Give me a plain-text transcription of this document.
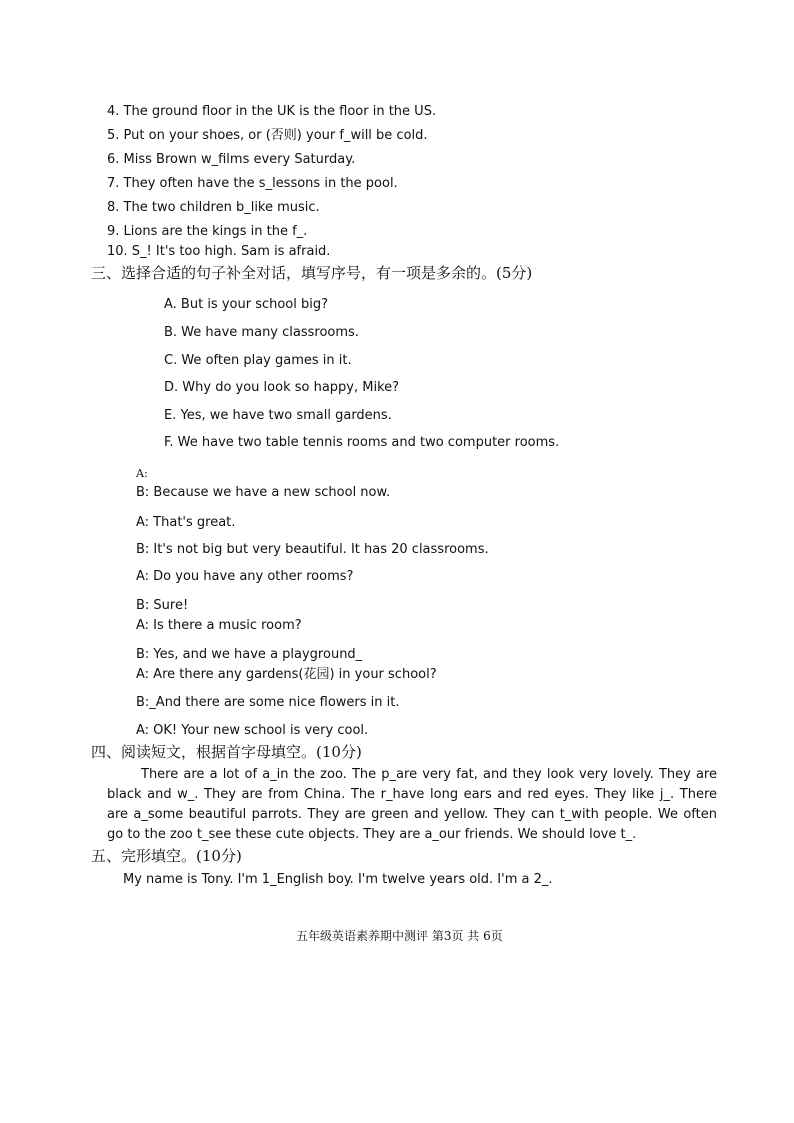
4. The ground floor in the UK is the floor in the US.
5. Put on your shoes, or (否则) your f_will be cold.
6. Miss Brown w_films every Saturday.
7. They often have the s_lessons in the pool.
8. The two children b_like music.
9. Lions are the kings in the f_.
10. S_! It's too high. Sam is afraid.
三、选择合适的句子补全对话，填写序号，有一项是多余的。(5分)
A. But is your school big?
B. We have many classrooms.
C. We often play games in it.
D. Why do you look so happy, Mike?
E. Yes, we have two small gardens.
F. We have two table tennis rooms and two computer rooms.
A:
B: Because we have a new school now.
A: That's great.
B: It's not big but very beautiful. It has 20 classrooms.
A: Do you have any other rooms?
B: Sure!
A: Is there a music room?
B: Yes, and we have a playground_
A: Are there any gardens(花园) in your school?
B:_And there are some nice flowers in it.
A: OK! Your new school is very cool.
四、阅读短文，根据首字母填空。(10分)
There are a lot of a_in the zoo. The p_are very fat, and they look very lovely. They are black and w_. They are from China. The r_have long ears and red eyes. They like j_. There are a_some beautiful parrots. They are green and yellow. They can t_with people. We often go to the zoo t_see these cute objects. They are a_our friends. We should love t_.
五、完形填空。(10分)
My name is Tony. I'm 1_English boy. I'm twelve years old. I'm a 2_.
五年级英语素养期中测评 第3页 共 6页
